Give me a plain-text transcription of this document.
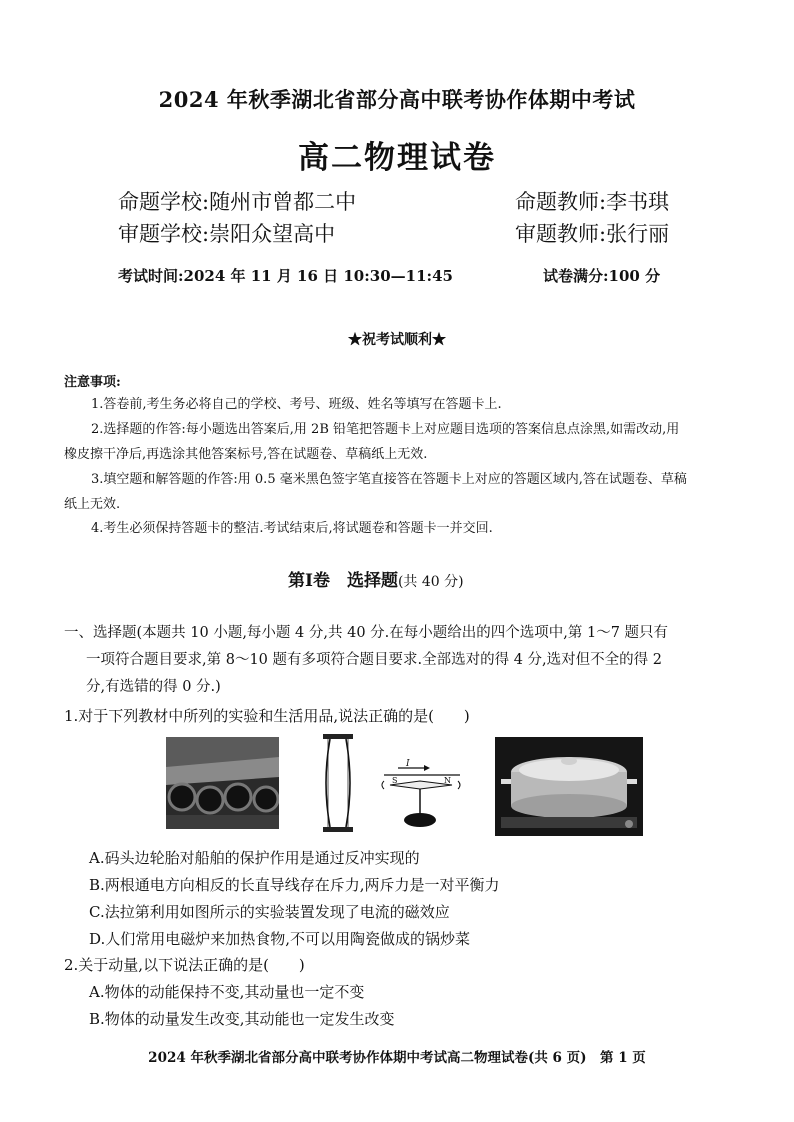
2024 年秋季湖北省部分高中联考协作体期中考试
高二物理试卷
命题学校:随州市曾都二中	命题教师:李书琪
审题学校:崇阳众望高中	审题教师:张行丽
考试时间:2024 年 11 月 16 日 10:30—11:45	试卷满分:100 分
★祝考试顺利★
注意事项:
1.答卷前,考生务必将自己的学校、考号、班级、姓名等填写在答题卡上.
2.选择题的作答:每小题选出答案后,用 2B 铅笔把答题卡上对应题目选项的答案信息点涂黑,如需改动,用
橡皮擦干净后,再选涂其他答案标号,答在试题卷、草稿纸上无效.
3.填空题和解答题的作答:用 0.5 毫米黑色签字笔直接答在答题卡上对应的答题区域内,答在试题卷、草稿
纸上无效.
4.考生必须保持答题卡的整洁.考试结束后,将试题卷和答题卡一并交回.
第Ⅰ卷　选择题(共 40 分)
一、选择题(本题共 10 小题,每小题 4 分,共 40 分.在每小题给出的四个选项中,第 1～7 题只有
一项符合题目要求,第 8～10 题有多项符合题目要求.全部选对的得 4 分,选对但不全的得 2
分,有选错的得 0 分.)
1.对于下列教材中所列的实验和生活用品,说法正确的是(　　)
I
S	N
A.码头边轮胎对船舶的保护作用是通过反冲实现的
B.两根通电方向相反的长直导线存在斥力,两斥力是一对平衡力
C.法拉第利用如图所示的实验装置发现了电流的磁效应
D.人们常用电磁炉来加热食物,不可以用陶瓷做成的锅炒菜
2.关于动量,以下说法正确的是(　　)
A.物体的动能保持不变,其动量也一定不变
B.物体的动量发生改变,其动能也一定发生改变
2024 年秋季湖北省部分高中联考协作体期中考试高二物理试卷(共 6 页)　第 1 页
